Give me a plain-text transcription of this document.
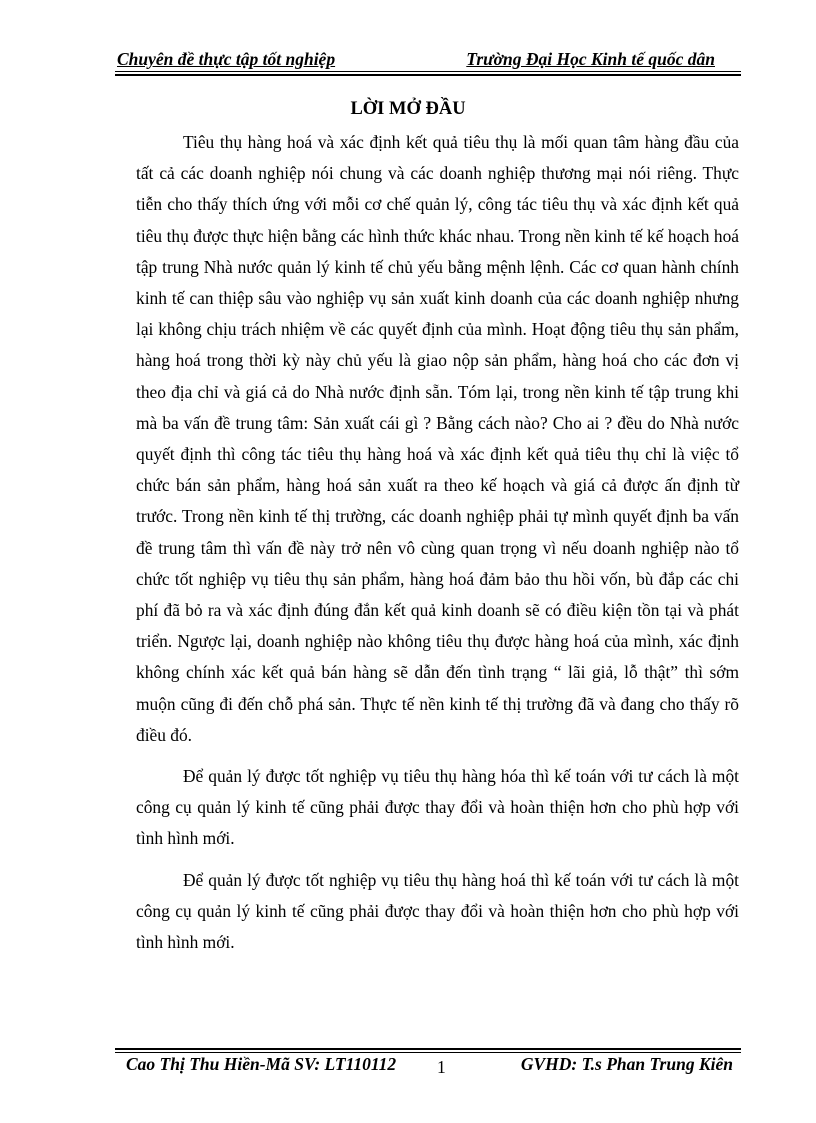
Chuyên đề thực tập tốt nghiệp	Trường Đại Học Kinh tế quốc dân
LỜI MỞ ĐẦU

Tiêu thụ hàng hoá và xác định kết quả tiêu thụ là mối quan tâm hàng đầu của tất cả các doanh nghiệp nói chung và các doanh nghiệp thương mại nói riêng. Thực tiễn cho thấy thích ứng với mỗi cơ chế quản lý, công tác tiêu thụ và xác định kết quả tiêu thụ được thực hiện bằng các hình thức khác nhau. Trong nền kinh tế kế hoạch hoá tập trung Nhà nước quản lý kinh tế chủ yếu bằng mệnh lệnh. Các cơ quan hành chính kinh tế can thiệp sâu vào nghiệp vụ sản xuất kinh doanh của các doanh nghiệp nhưng lại không chịu trách nhiệm về các quyết định của mình. Hoạt động tiêu thụ sản phẩm, hàng hoá trong thời kỳ này chủ yếu là giao nộp sản phẩm, hàng hoá cho các đơn vị theo địa chỉ và giá cả do Nhà nước định sẵn. Tóm lại, trong nền kinh tế tập trung khi mà ba vấn đề trung tâm: Sản xuất cái gì ? Bằng cách nào? Cho ai ? đều do Nhà nước quyết định thì công tác tiêu thụ hàng hoá và xác định kết quả tiêu thụ chỉ là việc tổ chức bán sản phẩm, hàng hoá sản xuất ra theo kế hoạch và giá cả được ấn định từ trước. Trong nền kinh tế thị trường, các doanh nghiệp phải tự mình quyết định ba vấn đề trung tâm thì vấn đề này trở nên vô cùng quan trọng vì nếu doanh nghiệp nào tổ chức tốt nghiệp vụ tiêu thụ sản phẩm, hàng hoá đảm bảo thu hồi vốn, bù đắp các chi phí đã bỏ ra và xác định đúng đắn kết quả kinh doanh sẽ có điều kiện tồn tại và phát triển. Ngược lại, doanh nghiệp nào không tiêu thụ được hàng hoá của mình, xác định không chính xác kết quả bán hàng sẽ dẫn đến tình trạng “ lãi giả, lỗ thật” thì sớm muộn cũng đi đến chỗ phá sản. Thực tế nền kinh tế thị trường đã và đang cho thấy rõ điều đó.

Để quản lý được tốt nghiệp vụ tiêu thụ hàng hóa thì kế toán với tư cách là một công cụ quản lý kinh tế cũng phải được thay đổi và hoàn thiện hơn cho phù hợp với tình hình mới.

Để quản lý được tốt nghiệp vụ tiêu thụ hàng hoá thì kế toán với tư cách là một công cụ quản lý kinh tế cũng phải được thay đổi và hoàn thiện hơn cho phù hợp với tình hình mới.

Cao Thị Thu Hiền-Mã SV: LT110112 1	GVHD: T.s Phan Trung Kiên
